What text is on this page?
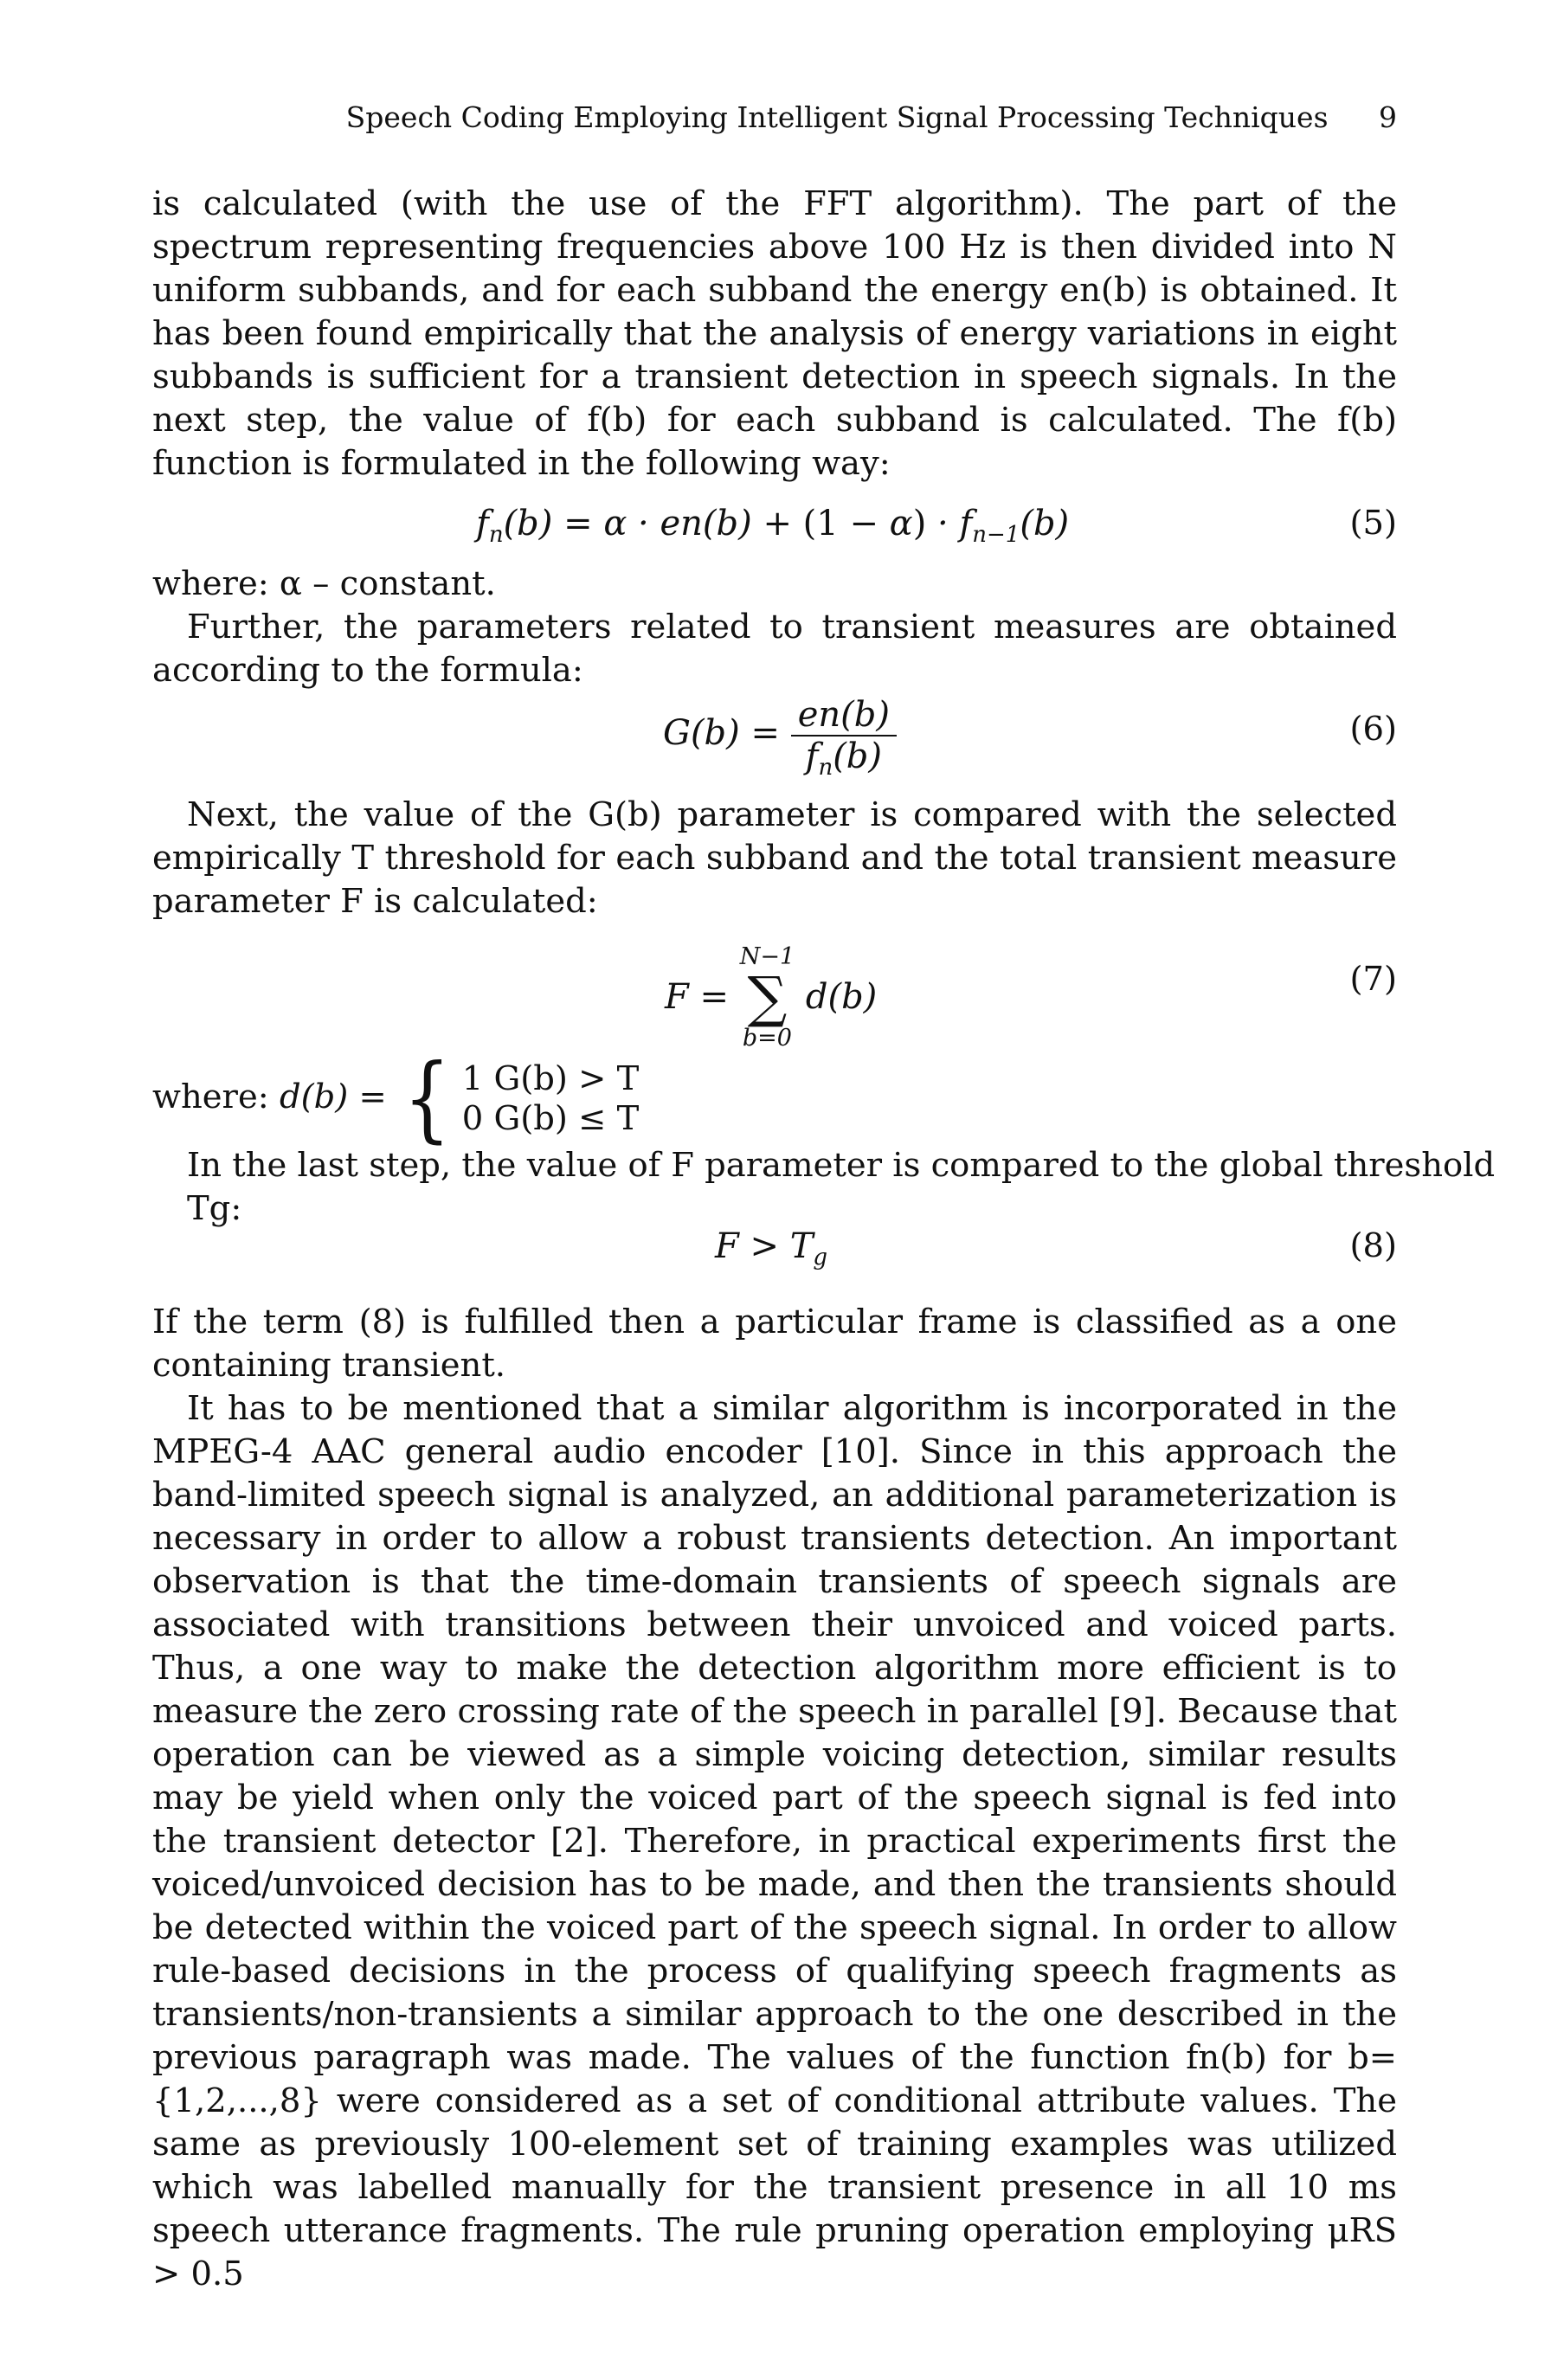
Speech Coding Employing Intelligent Signal Processing Techniques 9
is calculated (with the use of the FFT algorithm). The part of the spectrum representing frequencies above 100 Hz is then divided into N uniform subbands, and for each subband the energy en(b) is obtained. It has been found empirically that the analysis of energy variations in eight subbands is sufficient for a transient detection in speech signals. In the next step, the value of f(b) for each subband is calculated. The f(b) function is formulated in the following way:
$f_n(b) = \alpha \cdot en(b) + (1 - \alpha) \cdot f_{n-1}(b)$	(5)
where: α – constant.
Further, the parameters related to transient measures are obtained according to the formula:
$G(b) = \frac{en(b)}{f_n(b)}$	(6)
Next, the value of the G(b) parameter is compared with the selected empirically T threshold for each subband and the total transient measure parameter F is calculated:
F =
N−1
∑
b=0
d(b)	(7)
where: d(b) = { 1 G(b) > T
0 G(b) ≤ T
In the last step, the value of F parameter is compared to the global threshold Tg:
$F > T_g$	(8)
If the term (8) is fulfilled then a particular frame is classified as a one containing transient.
It has to be mentioned that a similar algorithm is incorporated in the MPEG-4 AAC general audio encoder [10]. Since in this approach the band-limited speech signal is analyzed, an additional parameterization is necessary in order to allow a robust transients detection. An important observation is that the time-domain transients of speech signals are associated with transitions between their unvoiced and voiced parts. Thus, a one way to make the detection algorithm more efficient is to measure the zero crossing rate of the speech in parallel [9]. Because that operation can be viewed as a simple voicing detection, similar results may be yield when only the voiced part of the speech signal is fed into the transient detector [2]. Therefore, in practical experiments first the voiced/unvoiced decision has to be made, and then the transients should be detected within the voiced part of the speech signal. In order to allow rule-based decisions in the process of qualifying speech fragments as transients/non-transients a similar approach to the one described in the previous paragraph was made. The values of the function fn(b) for b={1,2,...,8} were considered as a set of conditional attribute values. The same as previously 100-element set of training examples was utilized which was labelled manually for the transient presence in all 10 ms speech utterance fragments. The rule pruning operation employing μRS > 0.5
